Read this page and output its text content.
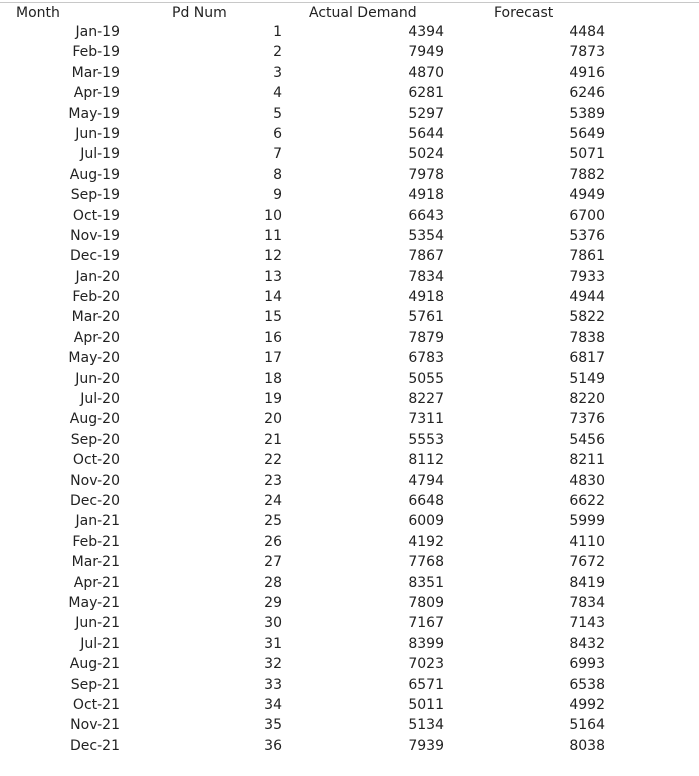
Month	Pd Num	Actual Demand	Forecast
Jan-19	1	4394	4484
Feb-19	2	7949	7873
Mar-19	3	4870	4916
Apr-19	4	6281	6246
May-19	5	5297	5389
Jun-19	6	5644	5649
Jul-19	7	5024	5071
Aug-19	8	7978	7882
Sep-19	9	4918	4949
Oct-19	10	6643	6700
Nov-19	11	5354	5376
Dec-19	12	7867	7861
Jan-20	13	7834	7933
Feb-20	14	4918	4944
Mar-20	15	5761	5822
Apr-20	16	7879	7838
May-20	17	6783	6817
Jun-20	18	5055	5149
Jul-20	19	8227	8220
Aug-20	20	7311	7376
Sep-20	21	5553	5456
Oct-20	22	8112	8211
Nov-20	23	4794	4830
Dec-20	24	6648	6622
Jan-21	25	6009	5999
Feb-21	26	4192	4110
Mar-21	27	7768	7672
Apr-21	28	8351	8419
May-21	29	7809	7834
Jun-21	30	7167	7143
Jul-21	31	8399	8432
Aug-21	32	7023	6993
Sep-21	33	6571	6538
Oct-21	34	5011	4992
Nov-21	35	5134	5164
Dec-21	36	7939	8038
